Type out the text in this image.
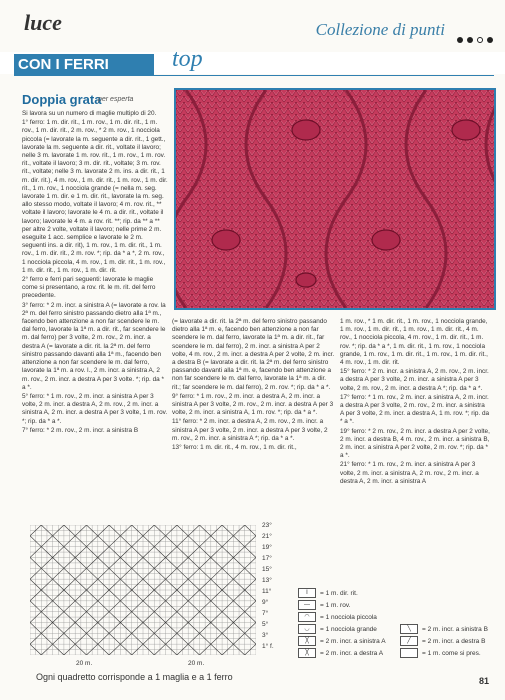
luce	Collezione di punti
CON I FERRI	top
Doppia grata
per esperta

Si lavora su un numero di maglie multiplo di 20.

1° ferro: 1 m. dir. rit., 1 m. rov., 1 m. dir. rit., 1 m. rov., 1 m. dir. rit., 2 m. rov., * 2 m. rov., 1 nocciola piccola (= lavorate la m. seguente a dir. rit., 1 gett., lavorate la m. seguente a dir. rit., voltate il lavoro; nelle 3 m. lavorate 1 m. rov. rit., 1 m. rov., 1 m. rov. rit., voltate il lavoro; 3 m. dir. rit., voltate; 3 m. rov. rit., voltate; nelle 3 m. lavorate 2 m. ins. a dir. rit., 1 m. dir. rit.), 4 m. rov., 1 m. dir. rit., 1 m. rov., 1 m. dir. rit., 1 m. rov., 1 nocciola grande (= nella m. seg. lavorate 1 m. dir. e 1 m. dir. rit., lavorate la m. seg. allo stesso modo, voltate il lavoro; 4 m. rov. rit., ** voltate il lavoro; lavorate le 4 m. a dir. rit., voltate il lavoro; lavorate le 4 m. a rov. rit. **; rip. da ** a ** per altre 2 volte, voltate il lavoro; nelle prime 2 m. eseguite 1 acc. semplice e lavorate le 2 m. seguenti ins. a dir. rit), 1 m. rov., 1 m. dir. rit., 1 m. rov., 1 m. dir. rit., 2 m. rov. *; rip. da * a *, 2 m. rov., 1 nocciola piccola, 4 m. rov., 1 m. dir. rit., 1 m. rov., 1 m. dir. rit., 1 m. rov., 1 m. dir. rit.

2° ferro e ferri pari seguenti: lavorate le maglie come si presentano, a rov. rit. le m. rit. del ferro precedente.

3° ferro: * 2 m. incr. a sinistra A (= lavorate a rov. la 2ª m. del ferro sinistro passando dietro alla 1ª m., facendo ben attenzione a non far scendere le m. dal ferro, lavorate la 1ª m. a dir. rit., far scendere le m. dal ferro) per 3 volte, 2 m. rov., 2 m. incr. a destra A (= lavorate a dir. rit. la 2ª m. del ferro sinistro passando davanti alla 1ª m., facendo ben attenzione a non far scendere le m. dal ferro, lavorate la 1ª m. a rov. l., 2 m. incr. a sinistra A, 2 m. rov., 2 m. incr. a destra A per 3 volte. *; rip. da * a *.

5° ferro: * 1 m. rov., 2 m. incr. a sinistra A per 3 volte, 2 m. incr. a destra A, 2 m. rov., 2 m. incr. a sinistra A, 2 m. incr. a destra A per 3 volte, 1 m. rov. *; rip. da * a *.

7° ferro: * 2 m. rov., 2 m. incr. a sinistra B

(= lavorate a dir. rit. la 2ª m. del ferro sinistro passando dietro alla 1ª m. e, facendo ben attenzione a non far scendere le m. dal ferro, lavorate la 1ª m. a dir. rit., far scendere le m. dal ferro), 2 m. incr. a sinistra A per 2 volte, 4 m. rov., 2 m. incr. a destra A per 2 volte, 2 m. incr. a destra B (= lavorate a dir. rit. la 2ª m. del ferro sinistro passando davanti alla 1ª m. e, facendo ben attenzione a non far scendere le m. dal ferro, lavorate la 1ª m. a dir. rit.; far scendere le m. dal ferro), 2 m. rov. *; rip. da * a *.

9° ferro: * 1 m. rov., 2 m. incr. a destra A, 2 m. incr. a sinistra A per 3 volte, 2 m. rov., 2 m. incr. a destra A per 3 volte, 2 m. incr. a sinistra A, 1 m. rov. *; rip. da * a *.

11° ferro: * 2 m. incr. a destra A, 2 m. rov., 2 m. incr. a sinistra A per 3 volte, 2 m. incr. a destra A per 3 volte, 2 m. rov., 2 m. incr. a sinistra A *; rip. da * a *.

13° ferro: 1 m. dir. rit., 4 m. rov., 1 m. dir. rit.,

1 m. rov., * 1 m. dir. rit., 1 m. rov., 1 nocciola grande, 1 m. rov., 1 m. dir. rit., 1 m. rov., 1 m. dir. rit., 4 m. rov., 1 nocciola piccola, 4 m. rov., 1 m. dir. rit., 1 m. rov. *; rip. da * a *, 1 m. dir. rit., 1 m. rov., 1 nocciola grande, 1 m. rov., 1 m. dir. rit., 1 m. rov., 1 m. dir. rit., 4 m. rov., 1 m. dir. rit.

15° ferro: * 2 m. incr. a sinistra A, 2 m. rov., 2 m. incr. a destra A per 3 volte, 2 m. incr. a sinistra A per 3 volte, 2 m. rov., 2 m. incr. a destra A *; rip. da * a *.

17° ferro: * 1 m. rov., 2 m. incr. a sinistra A, 2 m. incr. a destra A per 3 volte, 2 m. rov., 2 m. incr. a sinistra A per 3 volte, 2 m. incr. a destra A, 1 m. rov. *; rip. da * a *.

19° ferro: * 2 m. rov., 2 m. incr. a destra A per 2 volte, 2 m. incr. a destra B, 4 m. rov., 2 m. incr. a sinistra B, 2 m. incr. a sinistra A per 2 volte, 2 m. rov. *; rip. da * a *.

21° ferro: * 1 m. rov., 2 m. incr. a sinistra A per 3 volte, 2 m. incr. a sinistra A, 2 m. rov., 2 m. incr. a destra A, 2 m. incr. a sinistra A

23°
21°
19°
17°
15°
13°
11°
9°
7°
5°
3°
1° f.
20 m.	20 m.
I	= 1 m. dir. rit.
—	= 1 m. rov.
◠	= 1 nocciola piccola
◡	= 1 nocciola grande
╳	= 2 m. incr. a sinistra A
╳	= 2 m. incr. a destra A
╲	= 2 m. incr. a sinistra B
╱	= 2 m. incr. a destra B
= 1 m. come si pres.
Ogni quadretto corrisponde a 1 maglia e a 1 ferro	81
